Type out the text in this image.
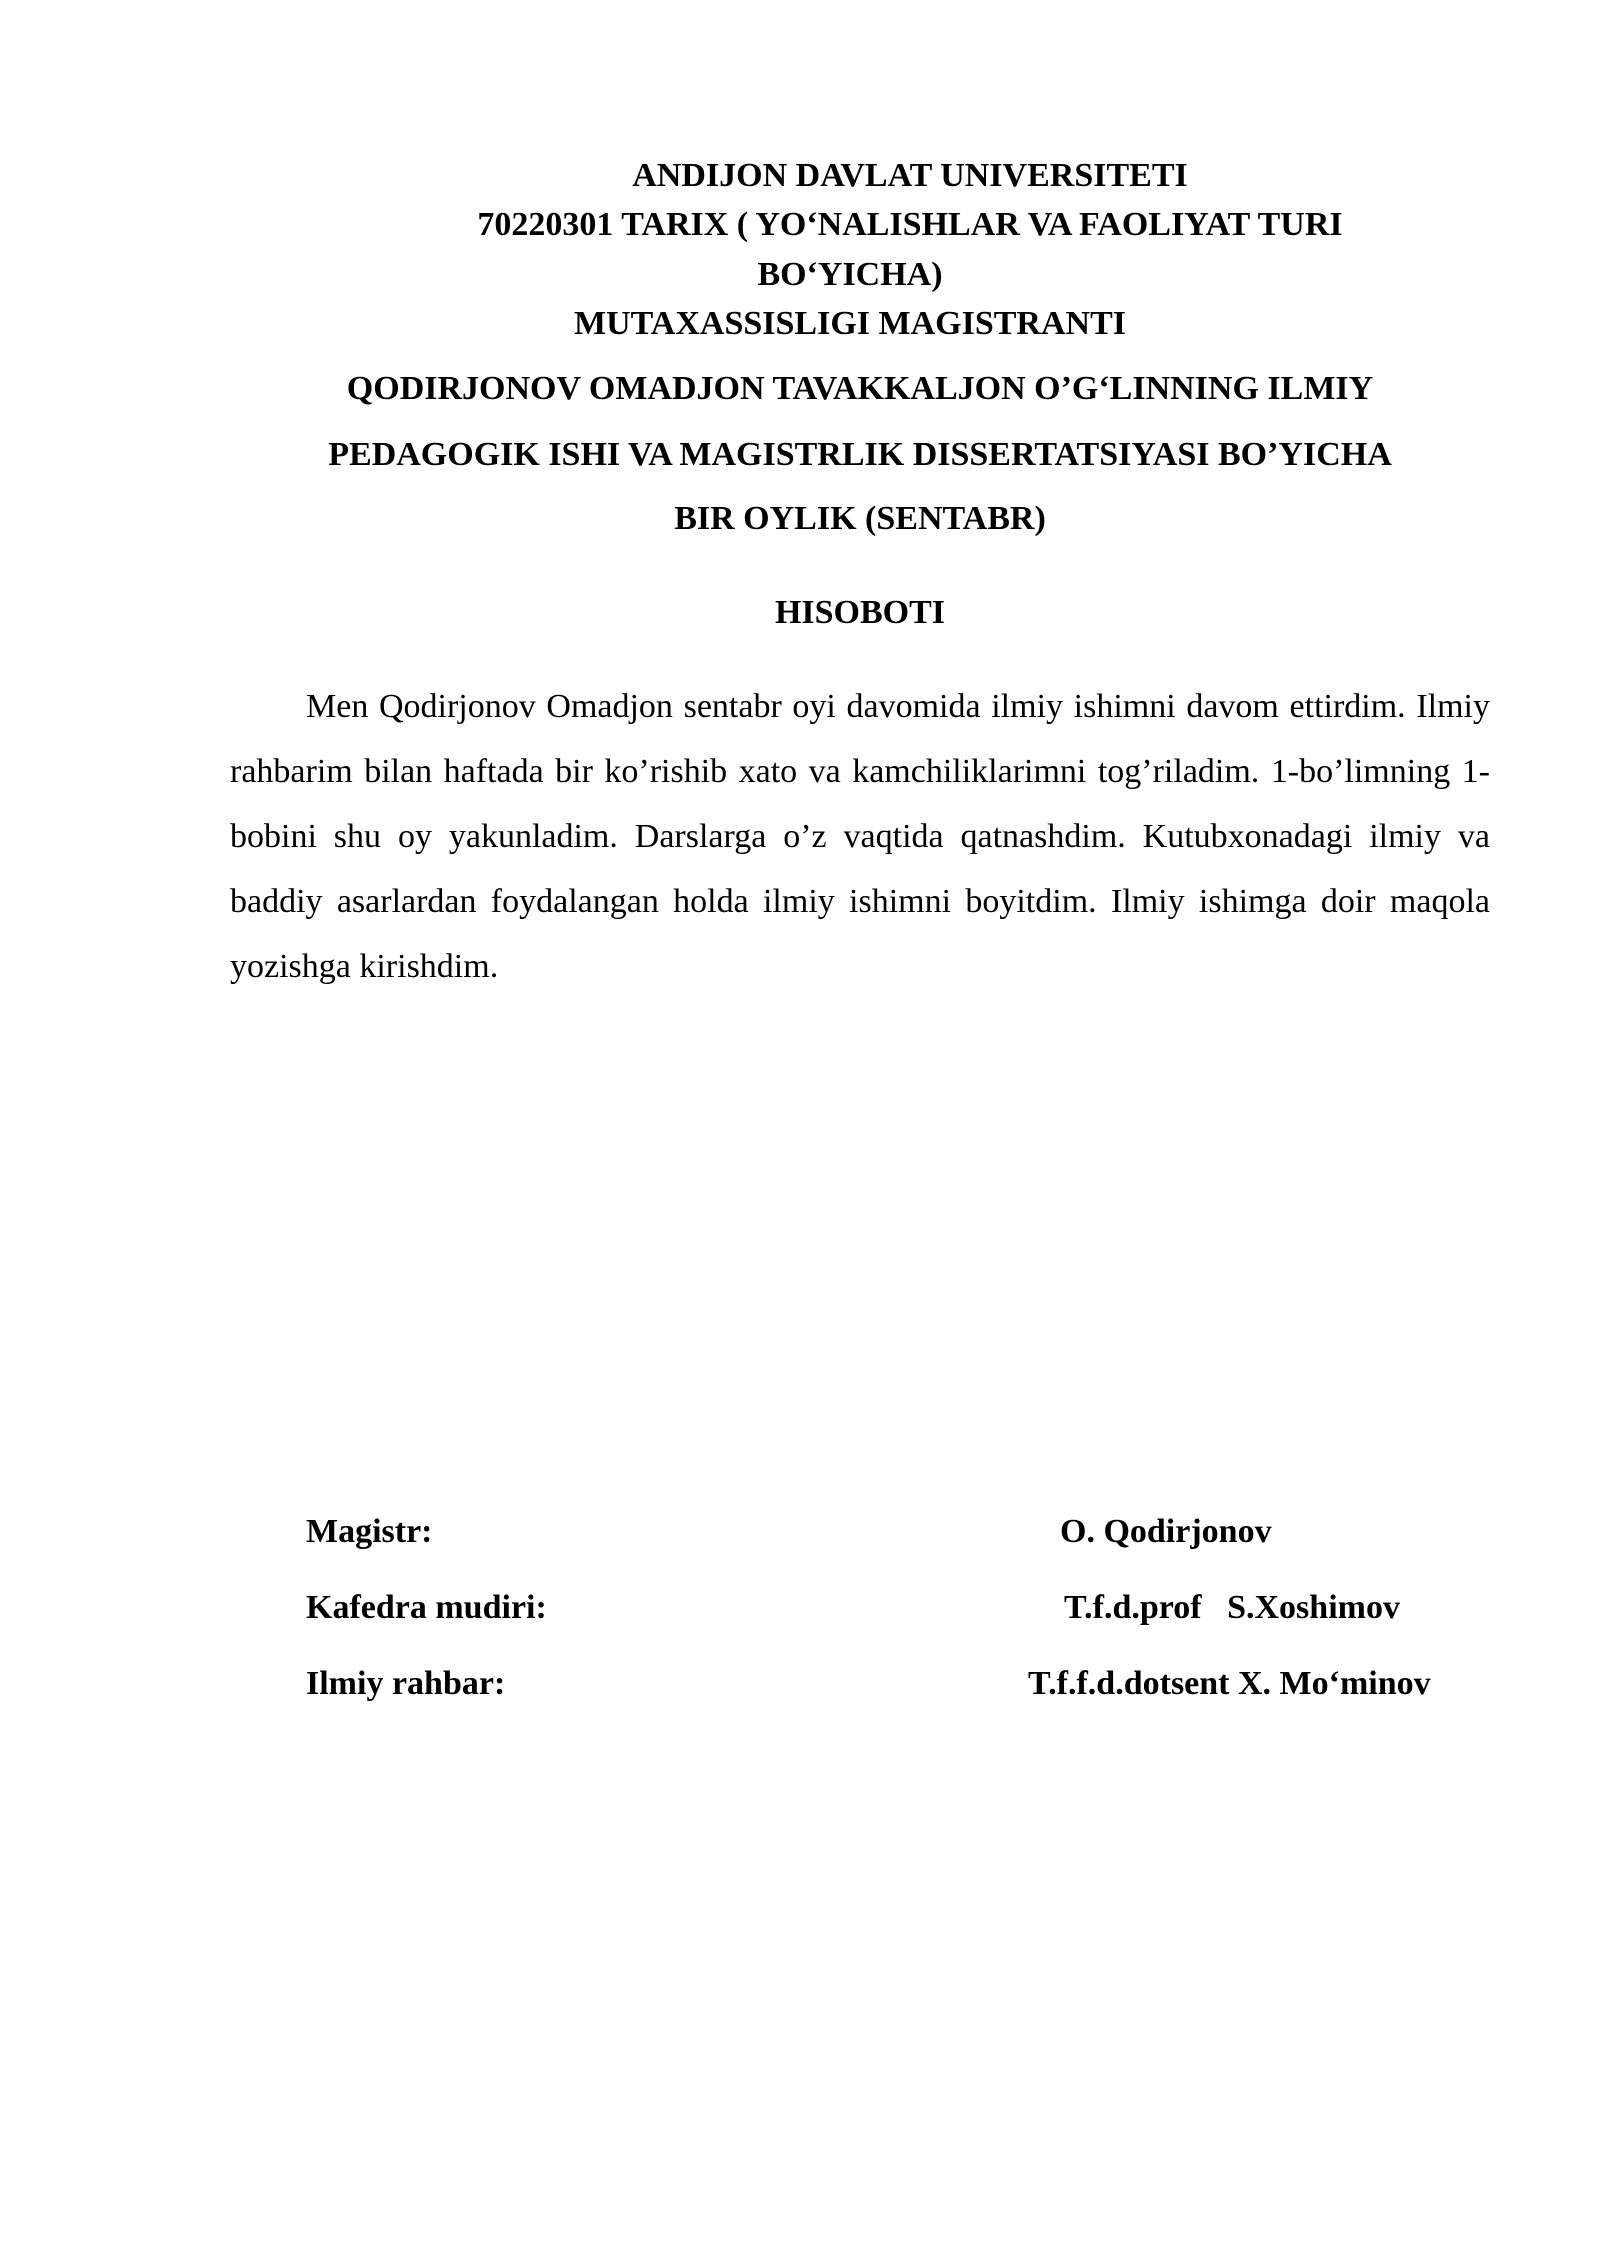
ANDIJON DAVLAT UNIVERSITETI
70220301 TARIX ( YO‘NALISHLAR VA FAOLIYAT TURI
BO‘YICHA)
MUTAXASSISLIGI MAGISTRANTI
QODIRJONOV OMADJON TAVAKKALJON O’G‘LINNING ILMIY
PEDAGOGIK ISHI VA MAGISTRLIK DISSERTATSIYASI BO’YICHA
BIR OYLIK (SENTABR)
HISOBOTI

Men Qodirjonov Omadjon sentabr oyi davomida ilmiy ishimni davom ettirdim. Ilmiy rahbarim bilan haftada bir ko’rishib xato va kamchiliklarimni tog’riladim. 1-bo’limning 1- bobini shu oy yakunladim. Darslarga o’z vaqtida qatnashdim. Kutubxonadagi ilmiy va baddiy asarlardan foydalangan holda ilmiy ishimni boyitdim. Ilmiy ishimga doir maqola yozishga kirishdim.

Magistr:	O. Qodirjonov
Kafedra mudiri:	T.f.d.prof   S.Xoshimov
Ilmiy rahbar:	T.f.f.d.dotsent X. Mo‘minov
